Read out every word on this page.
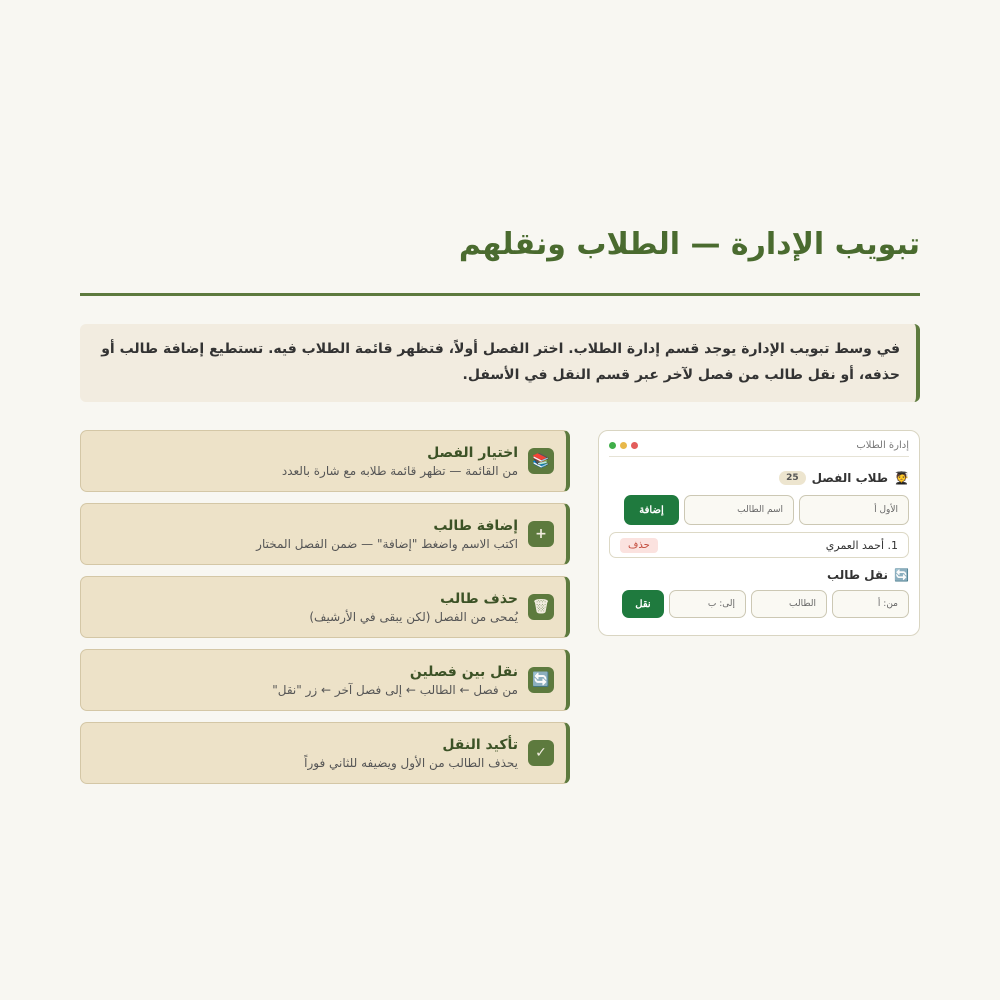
تبويب الإدارة — الطلاب ونقلهم
في وسط تبويب الإدارة يوجد قسم إدارة الطلاب. اختر الفصل أولاً، فتظهر قائمة الطلاب فيه. تستطيع إضافة طالب أو حذفه، أو نقل طالب من فصل لآخر عبر قسم النقل في الأسفل.
إدارة الطلاب
🧑‍🎓
طلاب الفصل
25
الأول أ
اسم الطالب
إضافة
1. أحمد العمري
حذف
🔄
نقل طالب
من: أ
الطالب
إلى: ب
نقل
📚
اختيار الفصل
من القائمة — تظهر قائمة طلابه مع شارة بالعدد
+
إضافة طالب
اكتب الاسم واضغط "إضافة" — ضمن الفصل المختار
🗑
حذف طالب
يُمحى من الفصل (لكن يبقى في الأرشيف)
🔄
نقل بين فصلين
من فصل ← الطالب ← إلى فصل آخر ← زر "نقل"
✓
تأكيد النقل
يحذف الطالب من الأول ويضيفه للثاني فوراً
